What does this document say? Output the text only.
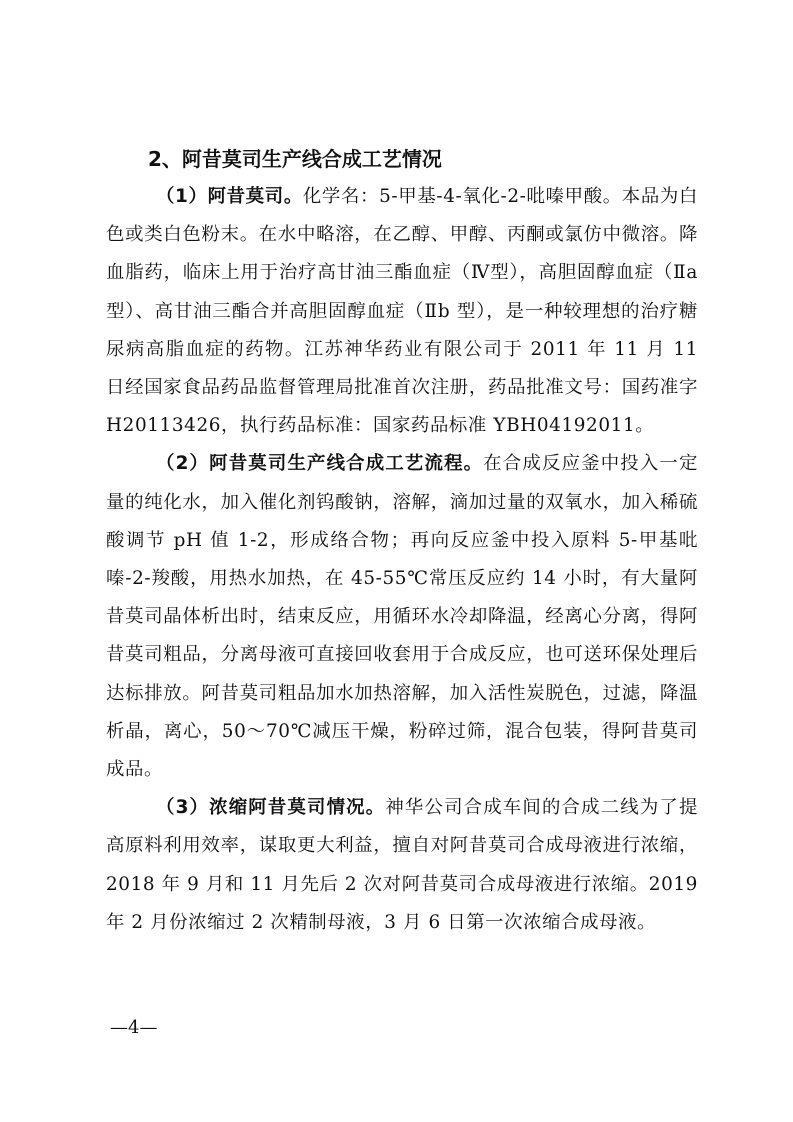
2、阿昔莫司生产线合成工艺情况

（1）阿昔莫司。化学名：5-甲基-4-氧化-2-吡嗪甲酸。本品为白色或类白色粉末。在水中略溶，在乙醇、甲醇、丙酮或氯仿中微溶。降血脂药，临床上用于治疗高甘油三酯血症（Ⅳ型），高胆固醇血症（Ⅱa 型）、高甘油三酯合并高胆固醇血症（Ⅱb 型），是一种较理想的治疗糖尿病高脂血症的药物。江苏神华药业有限公司于 2011 年 11 月 11 日经国家食品药品监督管理局批准首次注册，药品批准文号：国药准字 H20113426，执行药品标准：国家药品标准 YBH04192011。

（2）阿昔莫司生产线合成工艺流程。在合成反应釜中投入一定量的纯化水，加入催化剂钨酸钠，溶解，滴加过量的双氧水，加入稀硫酸调节 pH 值 1-2，形成络合物；再向反应釜中投入原料 5-甲基吡嗪-2-羧酸，用热水加热，在 45-55℃常压反应约 14 小时，有大量阿昔莫司晶体析出时，结束反应，用循环水冷却降温，经离心分离，得阿昔莫司粗品，分离母液可直接回收套用于合成反应，也可送环保处理后达标排放。阿昔莫司粗品加水加热溶解，加入活性炭脱色，过滤，降温析晶，离心，50～70℃减压干燥，粉碎过筛，混合包装，得阿昔莫司成品。

（3）浓缩阿昔莫司情况。神华公司合成车间的合成二线为了提高原料利用效率，谋取更大利益，擅自对阿昔莫司合成母液进行浓缩，2018 年 9 月和 11 月先后 2 次对阿昔莫司合成母液进行浓缩。2019 年 2 月份浓缩过 2 次精制母液，3 月 6 日第一次浓缩合成母液。

—4—
